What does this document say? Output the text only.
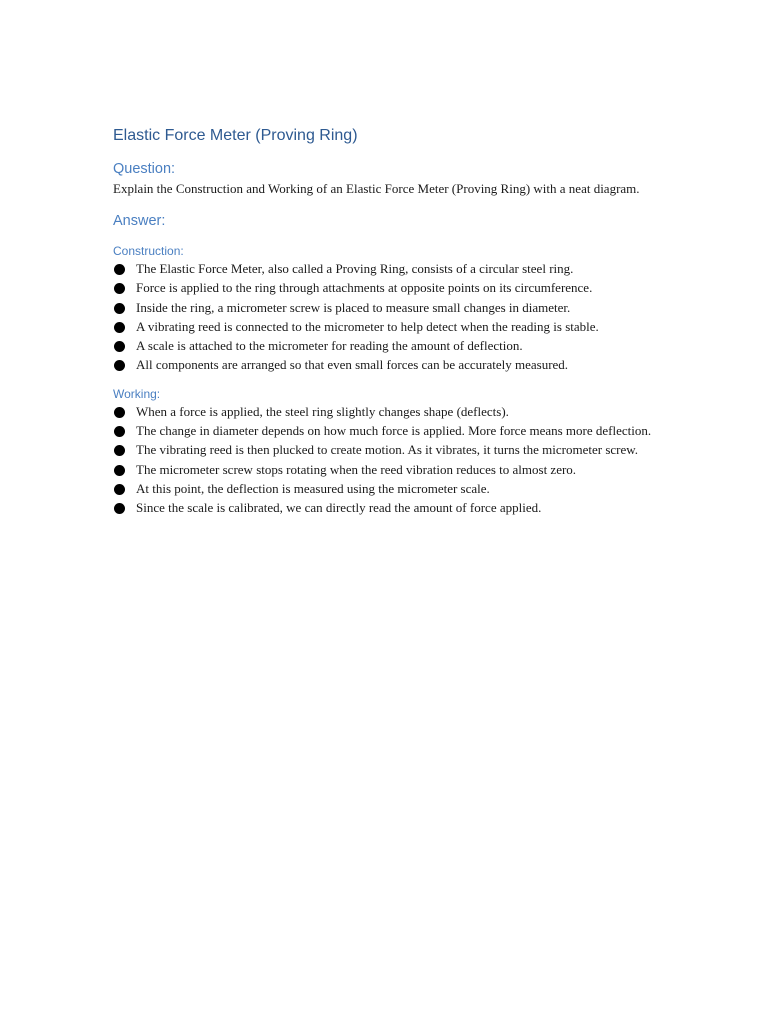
Elastic Force Meter (Proving Ring)
Question:

Explain the Construction and Working of an Elastic Force Meter (Proving Ring) with a neat diagram.

Answer:
Construction:
The Elastic Force Meter, also called a Proving Ring, consists of a circular steel ring.
Force is applied to the ring through attachments at opposite points on its circumference.
Inside the ring, a micrometer screw is placed to measure small changes in diameter.
A vibrating reed is connected to the micrometer to help detect when the reading is stable.
A scale is attached to the micrometer for reading the amount of deflection.
All components are arranged so that even small forces can be accurately measured.
Working:
When a force is applied, the steel ring slightly changes shape (deflects).
The change in diameter depends on how much force is applied. More force means more deflection.
The vibrating reed is then plucked to create motion. As it vibrates, it turns the micrometer screw.
The micrometer screw stops rotating when the reed vibration reduces to almost zero.
At this point, the deflection is measured using the micrometer scale.
Since the scale is calibrated, we can directly read the amount of force applied.
